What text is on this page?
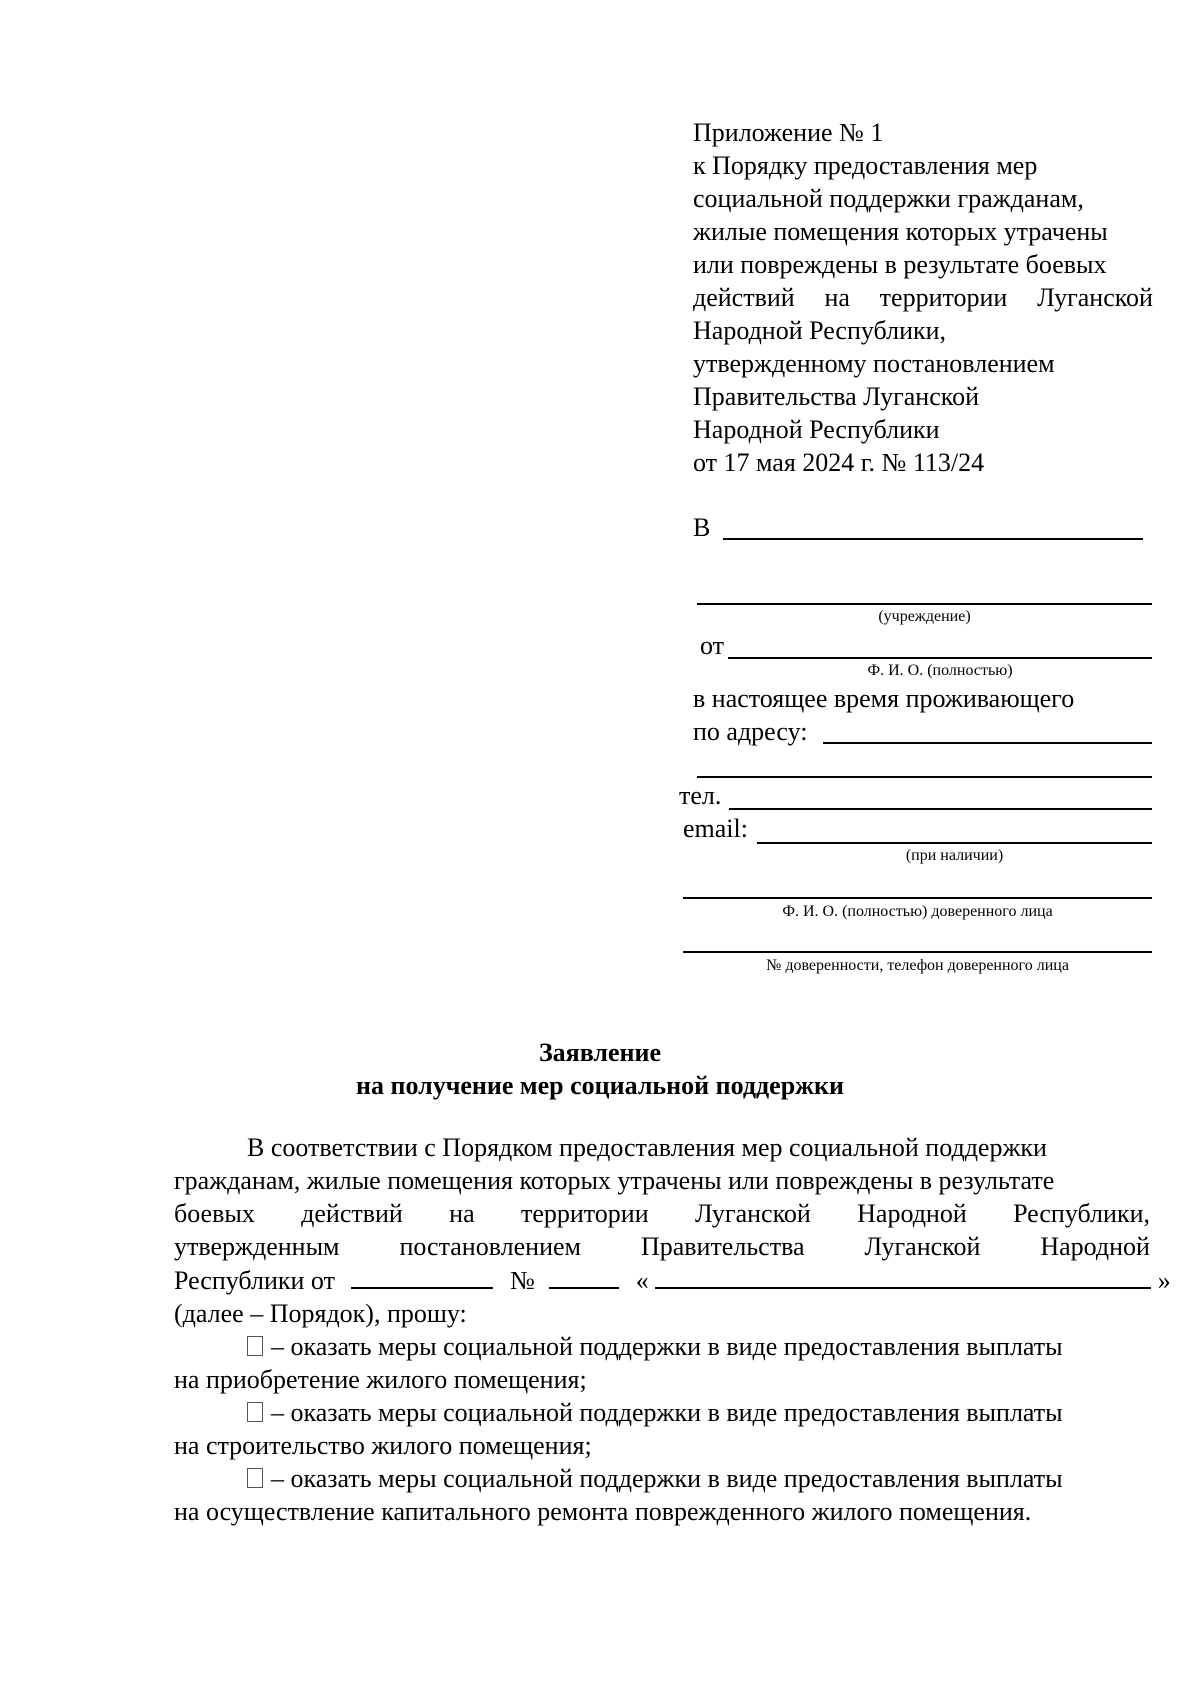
Приложение № 1
к Порядку предоставления мер
социальной поддержки гражданам,
жилые помещения которых утрачены
или повреждены в результате боевых
действий на территории Луганской
Народной Республики,
утвержденному постановлением
Правительства Луганской
Народной Республики
от 17 мая 2024 г. № 113/24
В
(учреждение)
от
Ф. И. О. (полностью)
в настоящее время проживающего
по адресу:
тел.
email:
(при наличии)
Ф. И. О. (полностью) доверенного лица
№ доверенности, телефон доверенного лица
Заявление
на получение мер социальной поддержки
В соответствии с Порядком предоставления мер социальной поддержки
гражданам, жилые помещения которых утрачены или повреждены в результате
боевых действий на территории Луганской Народной Республики,
утвержденным постановлением Правительства Луганской Народной
Республики от	№	«	»
(далее – Порядок), прошу:
– оказать меры социальной поддержки в виде предоставления выплаты
на приобретение жилого помещения;
– оказать меры социальной поддержки в виде предоставления выплаты
на строительство жилого помещения;
– оказать меры социальной поддержки в виде предоставления выплаты
на осуществление капитального ремонта поврежденного жилого помещения.
